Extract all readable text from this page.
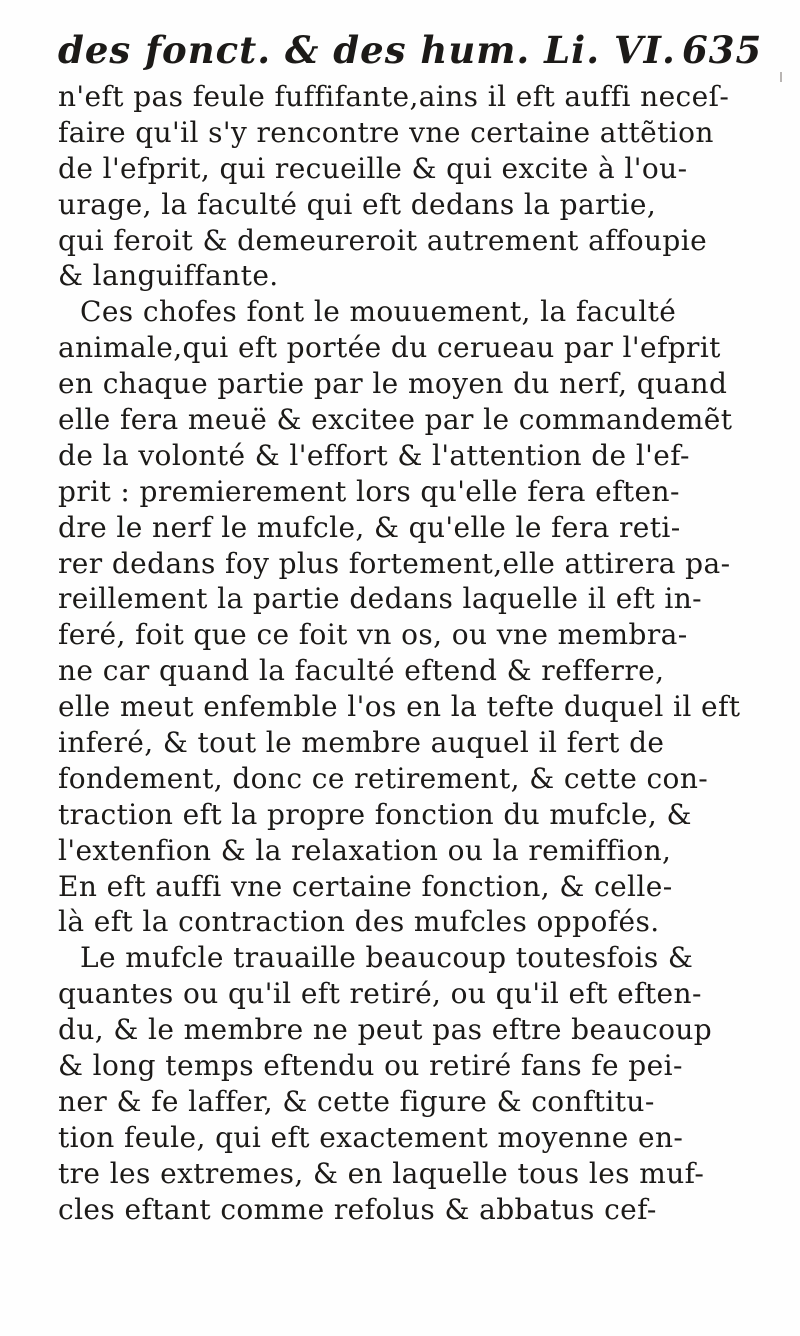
des fonct. & des hum. Li. VI. 635
n'eft pas feule fuffifante,ains il eft auffi neceſ-
faire qu'il s'y rencontre vne certaine attẽtion
de l'efprit, qui recueille & qui excite à l'ou-
urage, la faculté qui eft dedans la partie,
qui feroit & demeureroit autrement affoupie
& languiffante.
Ces chofes font le mouuement, la faculté
animale,qui eft portée du cerueau par l'efprit
en chaque partie par le moyen du nerf, quand
elle fera meuë & excitee par le commandemẽt
de la volonté & l'effort & l'attention de l'ef-
prit : premierement lors qu'elle fera eften-
dre le nerf le mufcle, & qu'elle le fera reti-
rer dedans foy plus fortement,elle attirera pa-
reillement la partie dedans laquelle il eft in-
feré, foit que ce foit vn os, ou vne membra-
ne car quand la faculté eftend & refferre,
elle meut enfemble l'os en la tefte duquel il eft
inferé, & tout le membre auquel il fert de
fondement, donc ce retirement, & cette con-
traction eft la propre fonction du mufcle, &
l'extenfion & la relaxation ou la remiffion,
En eft auffi vne certaine fonction, & celle-
là eft la contraction des mufcles oppofés.
Le mufcle trauaille beaucoup toutesfois &
quantes ou qu'il eft retiré, ou qu'il eft eften-
du, & le membre ne peut pas eftre beaucoup
& long temps eftendu ou retiré fans fe pei-
ner & fe laffer, & cette figure & conftitu-
tion feule, qui eft exactement moyenne en-
tre les extremes, & en laquelle tous les muf-
cles eftant comme refolus & abbatus cef-
